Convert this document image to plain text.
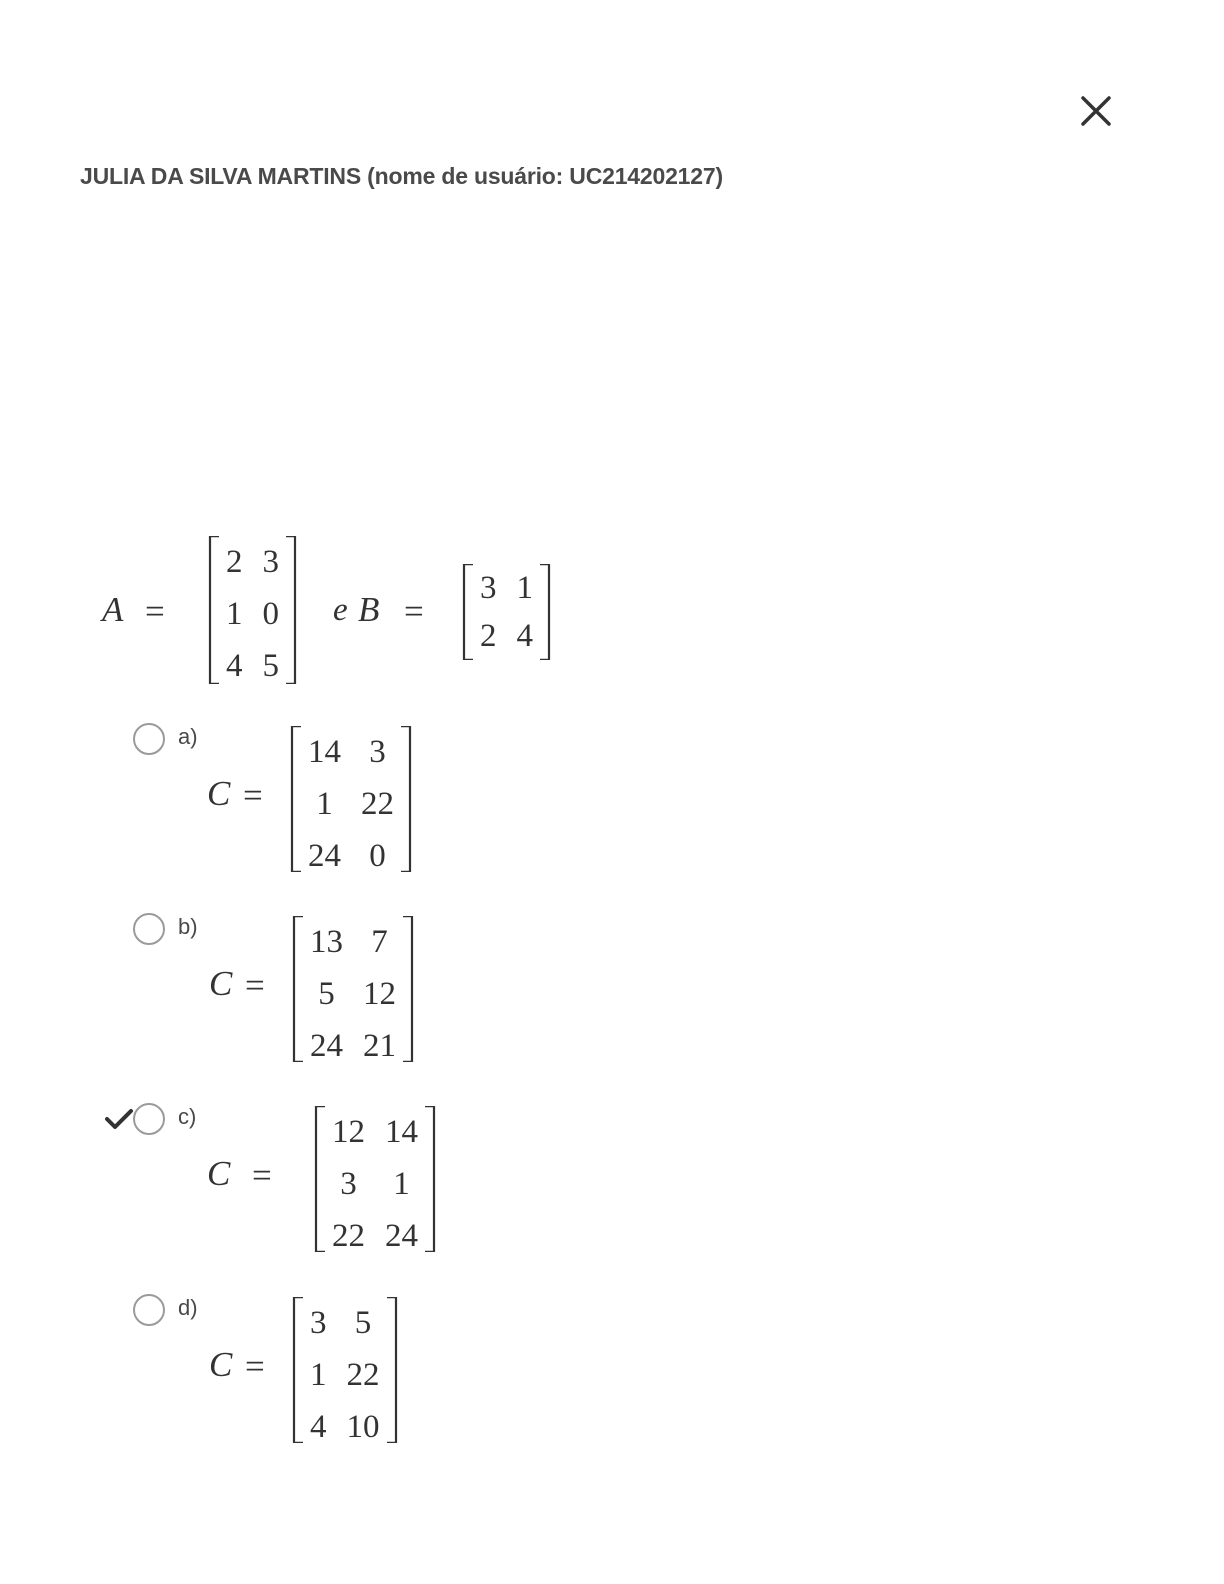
JULIA DA SILVA MARTINS (nome de usuário: UC214202127)
A =
2 3
1 0
4 5
e B =
3 1
2 4
a)
C =
14 3
1 22
24 0
b)
C =
13 7
5 12
24 21
c)
C =
12 14
3 1
22 24
d)
C =
3 5
1 22
4 10
